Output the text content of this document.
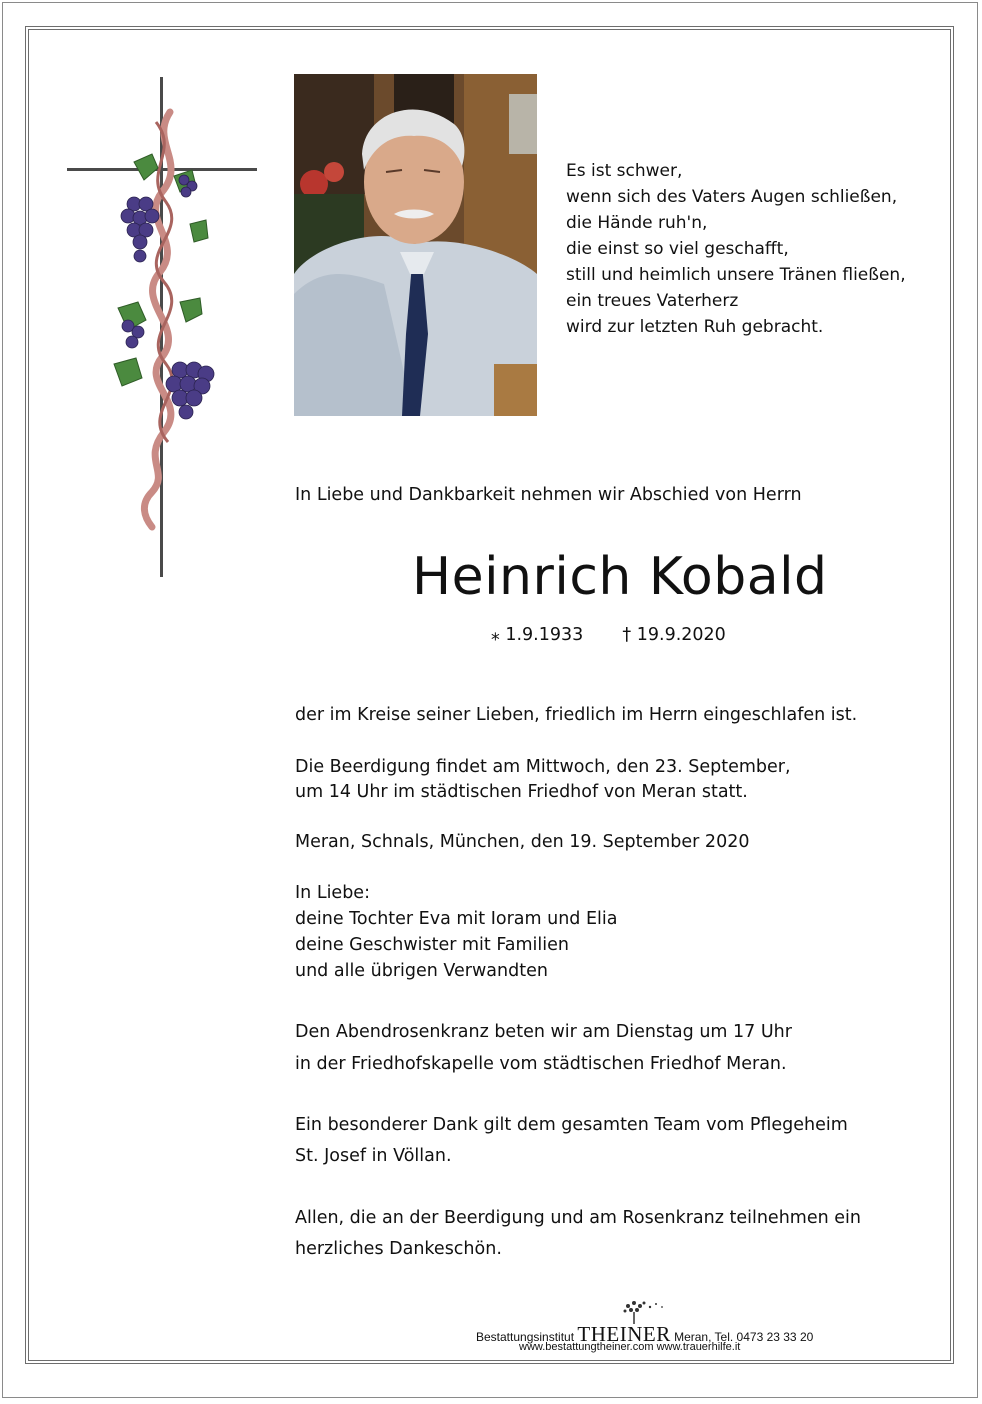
Es ist schwer,
wenn sich des Vaters Augen schließen,
die Hände ruh'n,
die einst so viel geschafft,
still und heimlich unsere Tränen fließen,
ein treues Vaterherz
wird zur letzten Ruh gebracht.
In Liebe und Dankbarkeit nehmen wir Abschied von Herrn
Heinrich Kobald
⁎ 1.9.1933 † 19.9.2020
der im Kreise seiner Lieben, friedlich im Herrn eingeschlafen ist.
Die Beerdigung findet am Mittwoch, den 23. September,
um 14 Uhr im städtischen Friedhof von Meran statt.
Meran, Schnals, München, den 19. September 2020
In Liebe:
deine Tochter Eva mit Ioram und Elia
deine Geschwister mit Familien
und alle übrigen Verwandten
Den Abendrosenkranz beten wir am Dienstag um 17 Uhr
in der Friedhofskapelle vom städtischen Friedhof Meran.
Ein besonderer Dank gilt dem gesamten Team vom Pflegeheim
St. Josef in Völlan.
Allen, die an der Beerdigung und am Rosenkranz teilnehmen ein
herzliches Dankeschön.
Bestattungsinstitut THEINER Meran, Tel. 0473 23 33 20
www.bestattungtheiner.com www.trauerhilfe.it
